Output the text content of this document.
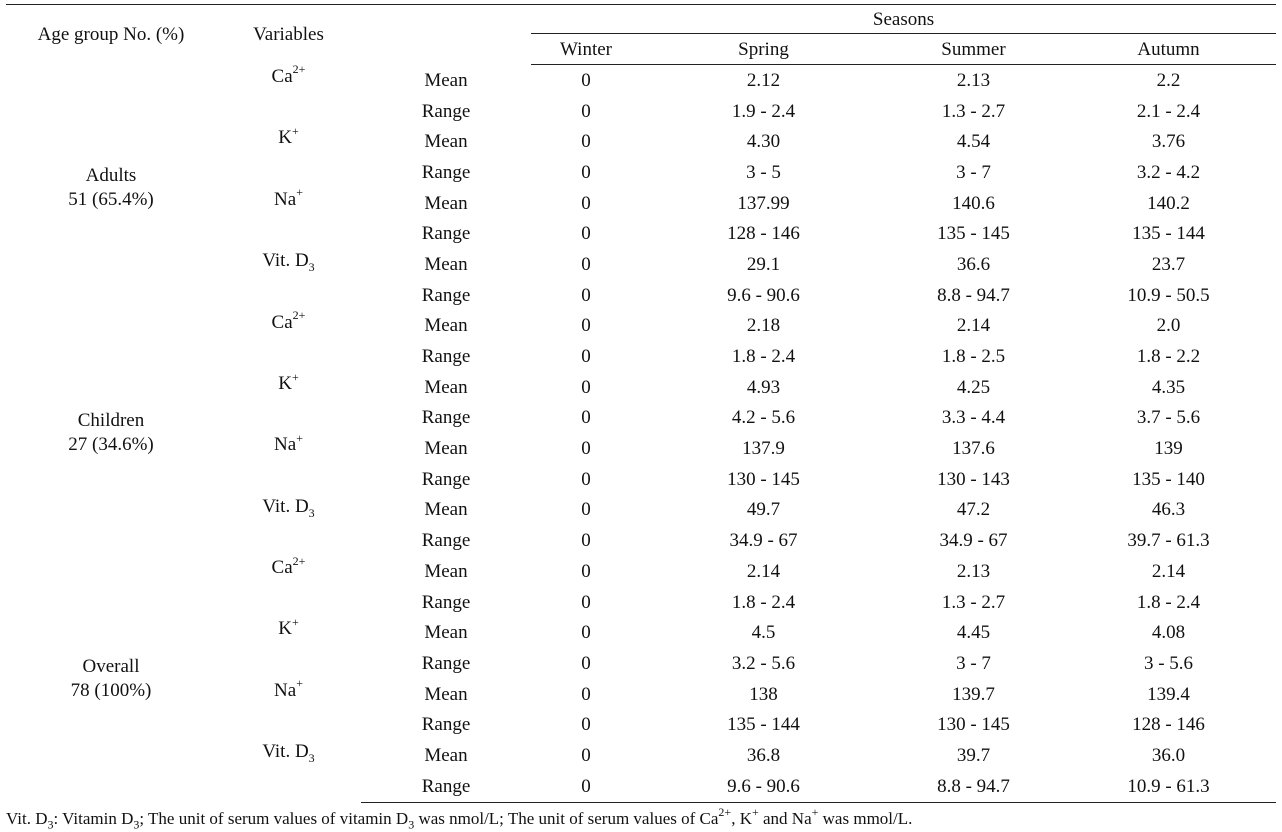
Age group No. (%)	Variables		Seasons			
			Winter	Spring	Summer	Autumn

Adults
51 (65.4%)	$Ca^{2+}$	Mean	0	2.12	2.13	2.2
		Range	0	1.9 - 2.4	1.3 - 2.7	2.1 - 2.4
	K+	Mean	0	4.30	4.54	3.76
		Range	0	3 - 5	3 - 7	3.2 - 4.2
	Na+	Mean	0	137.99	140.6	140.2
		Range	0	128 - 146	135 - 145	135 - 144
	Vit. $D_3$	Mean	0	29.1	36.6	23.7
		Range	0	9.6 - 90.6	8.8 - 94.7	10.9 - 50.5

Children
27 (34.6%)	$Ca^{2+}$	Mean	0	2.18	2.14	2.0
		Range	0	1.8 - 2.4	1.8 - 2.5	1.8 - 2.2
	K+	Mean	0	4.93	4.25	4.35
		Range	0	4.2 - 5.6	3.3 - 4.4	3.7 - 5.6
	Na+	Mean	0	137.9	137.6	139
		Range	0	130 - 145	130 - 143	135 - 140
	Vit. $D_3$	Mean	0	49.7	47.2	46.3
		Range	0	34.9 - 67	34.9 - 67	39.7 - 61.3

Overall
78 (100%)	$Ca^{2+}$	Mean	0	2.14	2.13	2.14
		Range	0	1.8 - 2.4	1.3 - 2.7	1.8 - 2.4
	K+	Mean	0	4.5	4.45	4.08
		Range	0	3.2 - 5.6	3 - 7	3 - 5.6
	Na+	Mean	0	138	139.7	139.4
		Range	0	135 - 144	130 - 145	128 - 146
	Vit. $D_3$	Mean	0	36.8	39.7	36.0
		Range	0	9.6 - 90.6	8.8 - 94.7	10.9 - 61.3
Vit. $D_3$: Vitamin $D_3$; The unit of serum values of vitamin $D_3$ was nmol/L; The unit of serum values of $Ca^{2+}$, K+ and Na+ was mmol/L.
